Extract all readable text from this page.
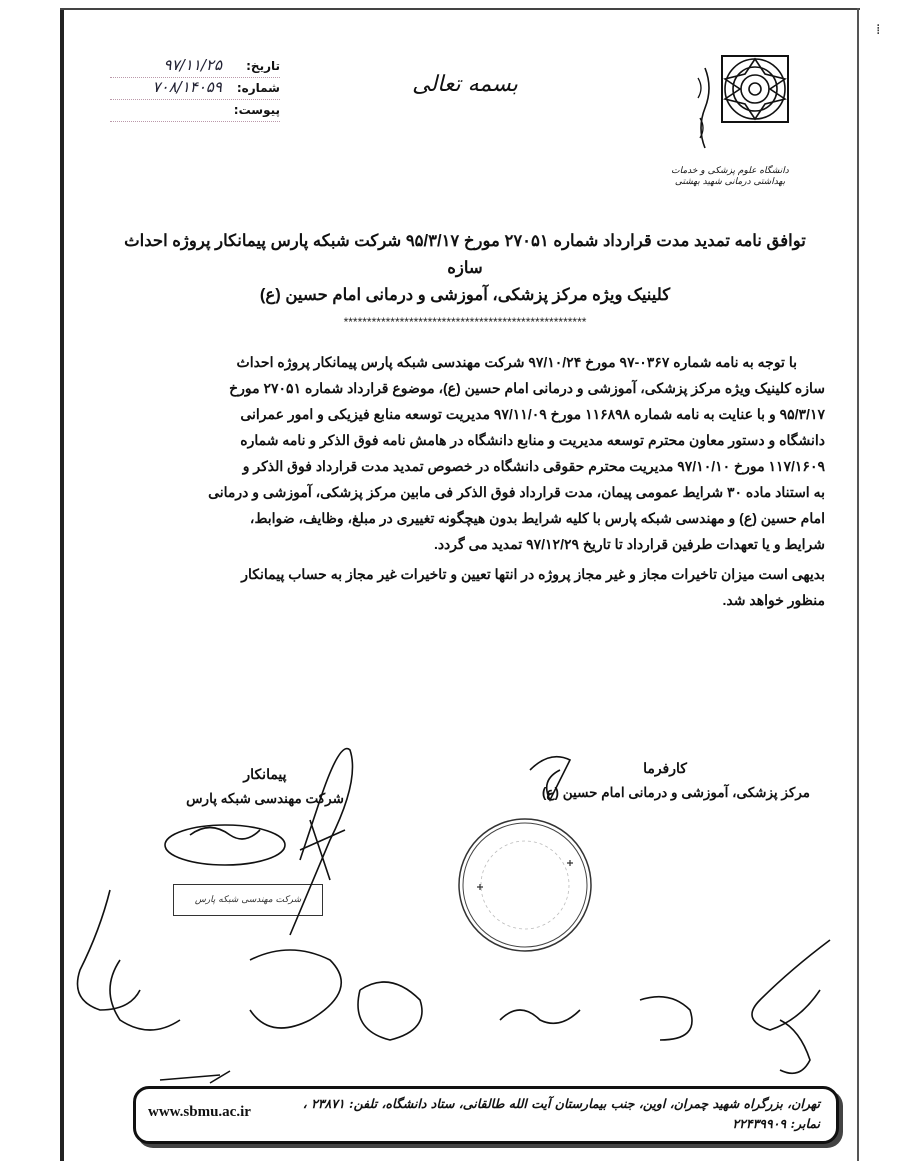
⁞
تاریخ:
۹۷/۱۱/۲۵
شماره:
۷۰۸/۱۴۰۵۹
پیوست:
بسمه تعالی
دانشگاه علوم پزشکی و خدمات بهداشتی درمانی شهید بهشتی
توافق نامه تمدید مدت قرارداد شماره ۲۷۰۵۱ مورخ ۹۵/۳/۱۷ شرکت شبکه پارس پیمانکار پروژه احداث سازه
کلینیک ویژه مرکز پزشکی، آموزشی و درمانی امام حسین (ع)
****************************************************
با توجه به نامه شماره ۰۳۶۷-۹۷ مورخ ۹۷/۱۰/۲۴ شرکت مهندسی شبکه پارس پیمانکار پروژه احداث
سازه کلینیک ویژه مرکز پزشکی، آموزشی و درمانی امام حسین (ع)، موضوع قرارداد شماره ۲۷۰۵۱ مورخ
۹۵/۳/۱۷ و با عنایت به نامه شماره ۱۱۶۸۹۸ مورخ ۹۷/۱۱/۰۹ مدیریت توسعه منابع فیزیکی و امور عمرانی
دانشگاه و دستور معاون محترم توسعه مدیریت و منابع دانشگاه در هامش نامه فوق الذکر و نامه شماره
۱۱۷/۱۶۰۹ مورخ ۹۷/۱۰/۱۰ مدیریت محترم حقوقی دانشگاه در خصوص تمدید مدت قرارداد فوق الذکر و
به استناد ماده ۳۰ شرایط عمومی پیمان، مدت قرارداد فوق الذکر فی مابین مرکز پزشکی، آموزشی و درمانی
امام حسین (ع) و مهندسی شبکه پارس با کلیه شرایط بدون هیچگونه تغییری در مبلغ، وظایف، ضوابط،
شرایط و یا تعهدات طرفین قرارداد تا تاریخ ۹۷/۱۲/۲۹ تمدید می گردد.
بدیهی است میزان تاخیرات مجاز و غیر مجاز پروژه در انتها تعیین و تاخیرات غیر مجاز به حساب پیمانکار
منظور خواهد شد.
کارفرما
مرکز پزشکی، آموزشی و درمانی امام حسین (ع)
پیمانکار
شرکت مهندسی شبکه پارس
شرکت مهندسی شبکه پارس
تهران، بزرگراه شهید چمران، اوین، جنب بیمارستان آیت الله طالقانی، ستاد دانشگاه، تلفن: ۲۳۸۷۱ ، نمابر: ۲۲۴۳۹۹۰۹
www.sbmu.ac.ir
